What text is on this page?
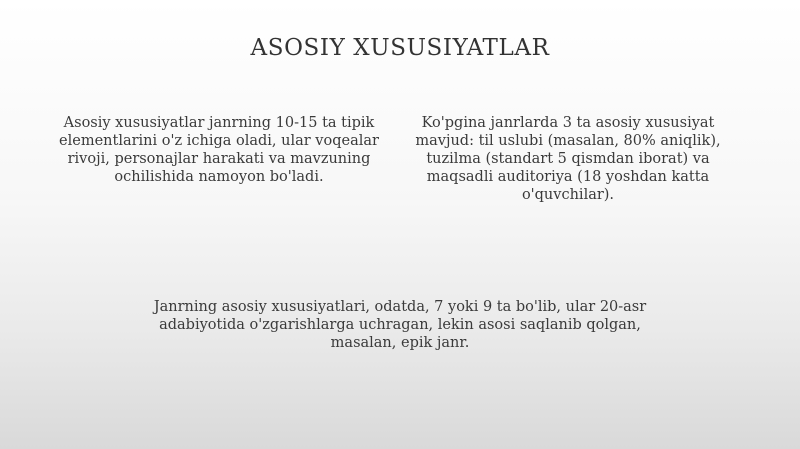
ASOSIY XUSUSIYATLAR

Asosiy xususiyatlar janrning 10-15 ta tipik elementlarini o'z ichiga oladi, ular voqealar rivoji, personajlar harakati va mavzuning ochilishida namoyon bo'ladi.

Ko'pgina janrlarda 3 ta asosiy xususiyat mavjud: til uslubi (masalan, 80% aniqlik), tuzilma (standart 5 qismdan iborat) va maqsadli auditoriya (18 yoshdan katta o'quvchilar).

Janrning asosiy xususiyatlari, odatda, 7 yoki 9 ta bo'lib, ular 20-asr adabiyotida o'zgarishlarga uchragan, lekin asosi saqlanib qolgan, masalan, epik janr.
